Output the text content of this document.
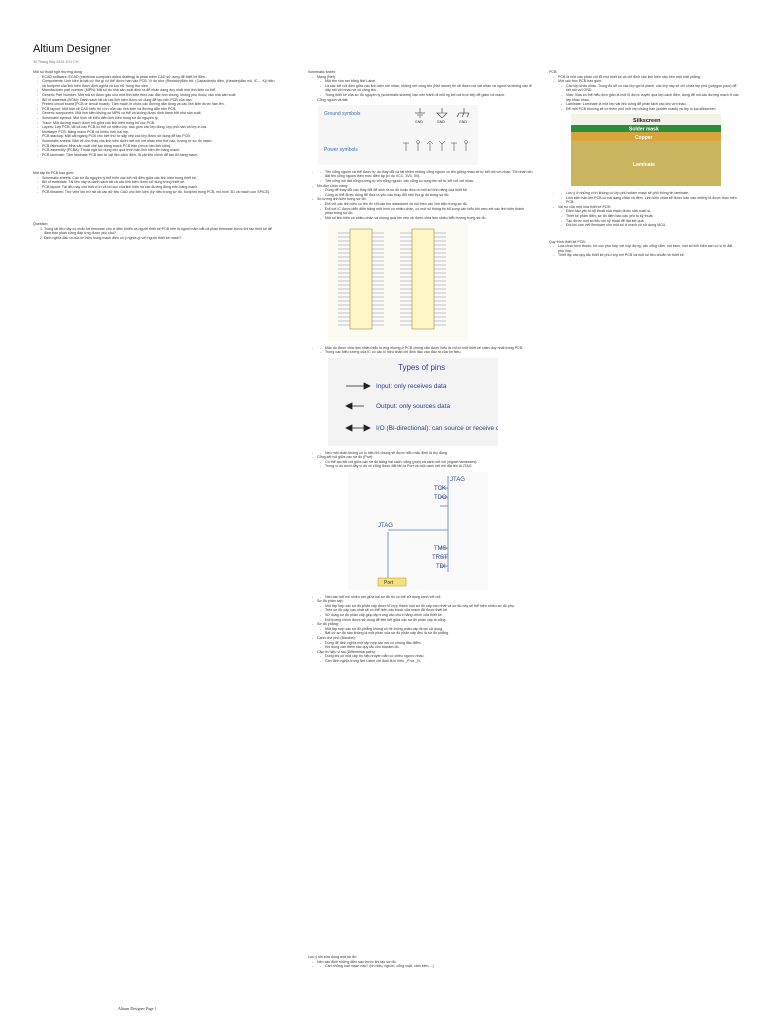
Altium Designer
30 Tháng Bảy 2024 3:01 CH

Một số thuật ngữ thường dùng

- ECAD software: ECAD (electrical computer-aided drafting) là phần mềm CAD sử dụng để thiết kế điện.
- Components: Linh kiện là bất cứ thứ gì có thể được hàn vào PCB. Ví dụ như (Resistor)điện trở, (Capacitor)tụ điện, (Header)đầu nối, IC,... Ký hiệu và footprint của linh kiện được định nghĩa và lưu trữ trong thư viện.
- Manufacturer part number (MPN): Mã số do nhà sản xuất định ra để nhận dạng duy nhất một linh kiện cụ thể.
- Generic Part Number: Một mã số được gán cho một linh kiện theo các đặc tính chung, không phụ thuộc vào nhà sản xuất.
- Bill of materials (BOM): Danh sách tất cả các linh kiện được sử dụng để tạo nên PCB của bạn.
- Printed circuit board (PCB or circuit board): Tấm mạch in chứa các đường dẫn đồng và các linh kiện được hàn lên.
- PCB layout: Một bản vẽ CAD biểu thị vị trí của các linh kiện và đường dẫn trên PCB.
- Generic component: Một linh kiện không có MPN cụ thể và không được định danh bởi nhà sản xuất.
- Schematic symbol: Một hình vẽ biểu diễn linh kiện trong sơ đồ nguyên lý.
- Trace: Một đường mạch được nối giữa các linh kiện trong bố cục PCB.
- Layers: Lớp PCB, tất cả các PCB có thể có nhiều lớp, bao gồm các lớp đồng, lớp phủ hàn và lớp in lụa.
- Multilayer PCB: Bảng mạch PCB có nhiều hơn hai lớp.
- PCB stackup: Mặt cắt ngang PCB cho biết thứ tự sắp xếp các lớp được sử dụng để tạo PCB.
- Schematic sheets: Bản vẽ cho thấy các linh kiện được kết nối với nhau như thế nào, tương tự sơ đồ mạch.
- PCB fabrication: Nhà sản xuất chế tạo bảng mạch PCB trần (chưa hàn linh kiện).
- PCB assembly (PCBA): Thuật ngữ sử dụng cho quá trình hàn linh kiện lên bảng mạch.
- PCB laminate: Tấm laminate PCB làm từ vật liệu cách điện, là vật liệu chính để tạo lõi bảng mạch.

Một tập tin PCB bao gồm:

- Schematic sheets: Các sơ đồ nguyên lý thể hiện các kết nối điện giữa các linh kiện trong thiết kế.
- Bill of materials: Tài liệu này là danh sách tất cả các linh kiện được sử dụng trong thiết kế.
- PCB layout: Tài liệu này cho biết vị trí và bố cục của linh kiện và các đường đồng trên bảng mạch.
- PCB libraries: Thư viện lưu trữ tất cả các dữ liệu CAD cho linh kiện (ký hiệu trong sơ đồ, footprint trong PCB, mô hình 3D và mạch con SPICE).

Question:

1. Trong tài liệu này có nhắc tới firmware cho vi điều khiển và người thiết kế PCB nên là người nắm bắt cả phần firmware trước khi tạo thiết kế để đảm bảo phần cứng đáp ứng được yêu cầu?
2. Định nghĩa đầu ra của tín hiệu trong mạch điện có ý nghĩa gì với người thiết kế mạch?

Schematic sheet:

- Mạng (Net):
- Một tên cho net bằng Net Label.
- Là các kết nối điện giữa các linh kiện với nhau, những net cùng tên (Net name) thì sẽ được nối với nhau và người ta không cần đi dây nối với nhau về có cùng tên.
- Trong thiết kế của sơ đồ nguyên lý (schematic sheets) bạn nên tránh đi những kết nối trực tiếp để giảm rối mạch.
- Cổng nguồn và đất:
Ground symbols
GND	GND	GND
Power symbols
- - Tên cổng nguồn và thể được tự do thay đổi và tất nhiên những cổng nguồn có tên giống nhau sẽ tự kết nối với nhau. Tốt nhất nên đặt tên cổng nguồn theo mức điện áp (ví dụ VCC, 3V3, 5V).
- Tên cổng nối đất cũng tương tự với cổng nguồn, các cổng có cùng tên sẽ tự kết nối với nhau.
- Mô-đun chức năng:
- Dùng để thay đổi các thay đổi để sinh ra sơ đồ hoặc đưa ra một số tính năng của thiết kế.
- Công cụ thể được dùng để đưa ra yêu cầu thay đổi một thư gì đó trong sơ đồ.
- Số lượng linh kiện trong sơ đồ:
- Đối với các linh kiện có tên thì chỉ cần tìm datasheet và nối theo các linh kiện trong sơ đồ.
- Đối với IC được biểu diễn bằng một hình có nhiều chân, có một số thông tin bổ sung cần hiểu khi xem xét các linh kiện thành phần trong sơ đồ.
- Một số linh kiện có nhiều chân và chúng quá lớn nên sẽ được chia làm nhiều biểu tượng trong sơ đồ.
- - Mặc dù được chia làm nhiều biểu tượng nhưng ở PCB chúng vẫn được hiểu là chỉ có một thiết kế chân duy nhất trong PCB.
- Trong các biểu tượng của IC có các kí hiệu chân chỉ định đầu vào đầu ra của tín hiệu.
Types of pins
Input: only receives data
Output: only sources data
I/O (Bi-directional): can source or receive data
- - Nếu một chân không có kí hiệu thì chúng sẽ được hiểu mặc định là thụ động.
- Cổng kết nối giữa các sơ đồ (Port):
- Có thể tạo kết nối giữa các sơ đồ bằng hai cách: cổng (port) và cạnh kết nối (signal harnesses).
- Trong ví dụ dưới đây ví dụ về cổng được đặt tên là Port và một cạnh kết nối đặt tên là JTAG.
JTAG
TCK
TDO
TMS
TRST
TDI
JTAG
Port
- - Nếu cần kết nối nhiều net giữa hai sơ đồ thì có thể sử dụng cạnh kết nối.
- Sơ đồ phân cấp:
- Một tập hợp các sơ đồ phân cấp được tổ hợp thành một sơ đồ cấp cao nhất và sơ đồ này sẽ thể hiện nhiều sơ đồ phụ.
- Trên sơ đồ cấp cao nhất sẽ có thể hiện các block của mạch đã được thiết kế.
- Sử dụng sơ đồ phân cấp giúp tập trung vào chức năng chính của thiết kế.
- Đối tượng chính được sử dụng để liên kết giữa các sơ đồ phân cấp là cổng.
- Sơ đồ phẳng:
- Một tập hợp các sơ đồ phẳng không có hệ thống phân cấp được sử dụng.
- Bất cứ sơ đồ nào không là một phần của sơ đồ phân cấp đều là sơ đồ phẳng.
- Cạnh che phủ (Blanket):
- Dùng để định nghĩa một tập hợp các net có chung đặc điểm.
- Khi dùng cần thêm các quy tắc cho blanket đó.
- Cặp tín hiệu vi sai (Differential pairs):
- Dùng khi có một cặp tín hiệu truyền dẫn có chiều ngược nhau.
- Cần định nghĩa trong Net Label với đuôi là kí hiệu _P và _N.

Lưu ý khi sửa dụng một sơ đồ:

- Nên xác định những điều sau trước khi tạo sơ đồ:
- - Cần những loại mạch nào? (tín hiệu, nguồn, cổng xuất, cảm biến,...)

PCB:

- PCB là một cấu phần cốt lõi mọi thiết kế và chỉ đính các linh kiện vào trên một mặt phẳng.
- Một cấu trúc PCB bao gồm:
- Các lớp khác nhau. Trong đó sẽ có các lớp gọi là plane, các lớp này sẽ chỉ chứa lớp phủ (polygon pour) để kết nối với GND.
- Vias: Vias có thể hiểu đơn giản là một lỗ được xuyên qua lớp cách điện, dùng để nối các đường mạch ở các lớp khác nhau.
- Laminate: Laminate là một lớp vật liệu cứng để phân tách các lớp với nhau.
- Để một PCB thường sẽ có thêm phủ một lớp chống hàn (solder mask) và lớp in lụa silkscreen.
Silkscreen
Solder mask
Copper
Laminate
- - Lưu ý ở những vị trí không có lớp phủ solder mask sẽ phủ thông tin laminate.
- Linh kiện hàn lên PCB có hai dạng chân và đệm. Linh kiện chân sẽ được hàn vào những lỗ được thực hiện PCB.
- Vai trò của một nhà thiết kế PCB:
- Đảm bảo yêu tố kỹ thuật của mạch được sản xuất ra.
- Thiết kế phần điện, sơ đồ điện bao các yếu tố kỹ thuật.
- Tạo được một số tiêu chí kỹ thuật để đạt kết quả.
- Đôi khi cần viết firmware cho một số vi mạch có sử dụng MCU.

Quy trình thiết kế PCB:

- Lựa chọn kích thước, bố cục phù hợp với hộp đựng, các cổng cắm, nút bấm, một số linh kiện cần có vị trí đặt phù hợp.
- Thiết lập các quy tắc thiết kế phù hợp với PCB và một số tiêu chuẩn về thiết kế.
Altium Designer Page 1
